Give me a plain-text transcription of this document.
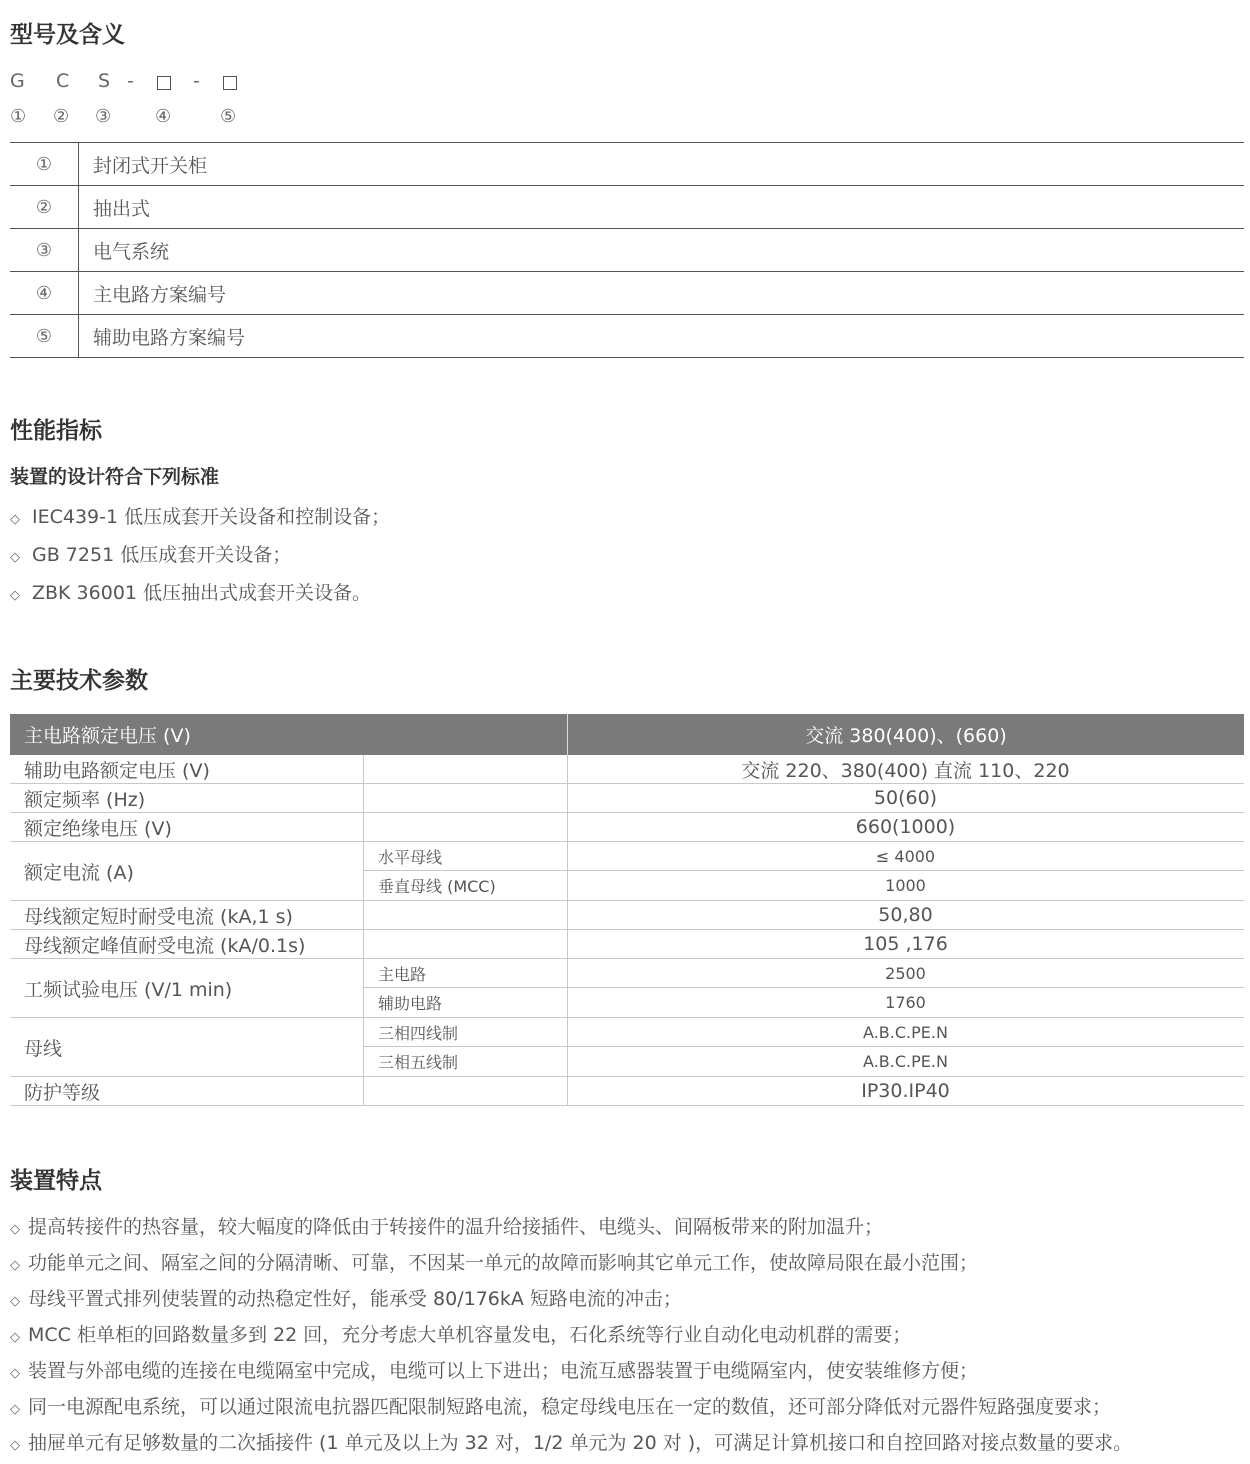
型号及含义
G C S -	-
① ② ③ ④	⑤
①	封闭式开关柜
②	抽出式
③	电气系统
④	主电路方案编号
⑤	辅助电路方案编号
性能指标
装置的设计符合下列标准
◇ IEC439-1 低压成套开关设备和控制设备；
◇ GB 7251 低压成套开关设备；
◇ ZBK 36001 低压抽出式成套开关设备。
主要技术参数
主电路额定电压 (V)	交流 380(400)、(660)
辅助电路额定电压 (V)	交流 220、380(400) 直流 110、220
额定频率 (Hz)	50(60)
额定绝缘电压 (V)	660(1000)
额定电流 (A)
水平母线	≤ 4000
垂直母线 (MCC)	1000
母线额定短时耐受电流 (kA,1 s)	50,80
母线额定峰值耐受电流 (kA/0.1s)	105 ,176
工频试验电压 (V/1 min)
主电路	2500
辅助电路	1760
母线
三相四线制	A.B.C.PE.N
三相五线制	A.B.C.PE.N
防护等级	IP30.IP40
装置特点
◇ 提高转接件的热容量，较大幅度的降低由于转接件的温升给接插件、电缆头、间隔板带来的附加温升；
◇ 功能单元之间、隔室之间的分隔清晰、可靠，不因某一单元的故障而影响其它单元工作，使故障局限在最小范围；
◇ 母线平置式排列使装置的动热稳定性好，能承受 80/176kA 短路电流的冲击；
◇ MCC 柜单柜的回路数量多到 22 回，充分考虑大单机容量发电，石化系统等行业自动化电动机群的需要；
◇ 装置与外部电缆的连接在电缆隔室中完成，电缆可以上下进出；电流互感器装置于电缆隔室内，使安装维修方便；
◇ 同一电源配电系统，可以通过限流电抗器匹配限制短路电流，稳定母线电压在一定的数值，还可部分降低对元器件短路强度要求；
◇ 抽屉单元有足够数量的二次插接件 (1 单元及以上为 32 对，1/2 单元为 20 对 )，可满足计算机接口和自控回路对接点数量的要求。
